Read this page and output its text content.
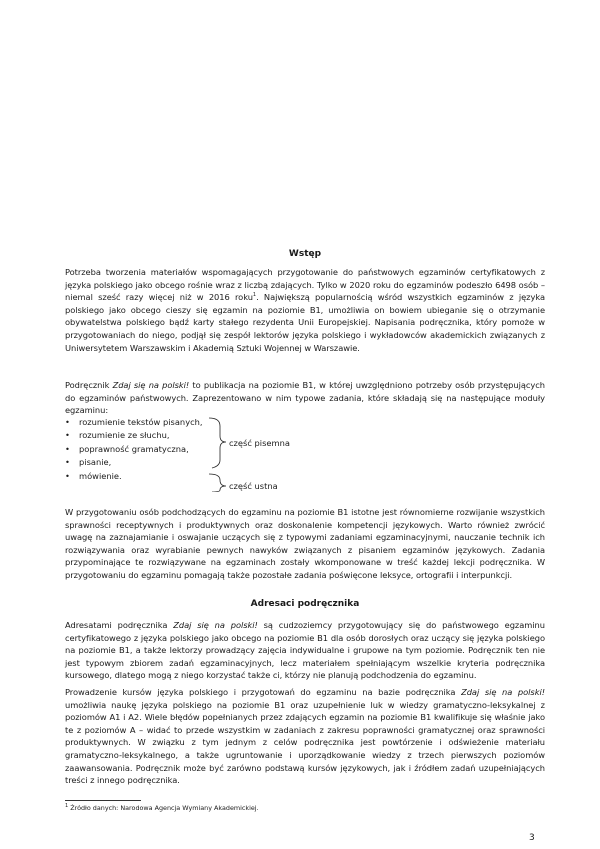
Wstęp

Potrzeba tworzenia materiałów wspomagających przygotowanie do państwowych egzaminów certyfikatowych z języka polskiego jako obcego rośnie wraz z liczbą zdających. Tylko w 2020 roku do egzaminów podeszło 6498 osób – niemal sześć razy więcej niż w 2016 roku$^1$. Największą popularnością wśród wszystkich egzaminów z języka polskiego jako obcego cieszy się egzamin na poziomie B1, umożliwia on bowiem ubieganie się o otrzymanie obywatelstwa polskiego bądź karty stałego rezydenta Unii Europejskiej. Napisania podręcznika, który pomoże w przygotowaniach do niego, podjął się zespół lektorów języka polskiego i wykładowców akademickich związanych z Uniwersytetem Warszawskim i Akademią Sztuki Wojennej w Warszawie.

Podręcznik Zdaj się na polski! to publikacja na poziomie B1, w której uwzględniono potrzeby osób przystępujących do egzaminów państwowych. Zaprezentowano w nim typowe zadania, które składają się na następujące moduły egzaminu:

• rozumienie tekstów pisanych,
• rozumienie ze słuchu,
• poprawność gramatyczna,
• pisanie,
• mówienie.
część pisemna
część ustna

W przygotowaniu osób podchodzących do egzaminu na poziomie B1 istotne jest równomierne rozwijanie wszystkich sprawności receptywnych i produktywnych oraz doskonalenie kompetencji językowych. Warto również zwrócić uwagę na zaznajamianie i oswajanie uczących się z typowymi zadaniami egzaminacyjnymi, nauczanie technik ich rozwiązywania oraz wyrabianie pewnych nawyków związanych z pisaniem egzaminów językowych. Zadania przypominające te rozwiązywane na egzaminach zostały wkomponowane w treść każdej lekcji podręcznika. W przygotowaniu do egzaminu pomagają także pozostałe zadania poświęcone leksyce, ortografii i interpunkcji.

Adresaci podręcznika

Adresatami podręcznika Zdaj się na polski! są cudzoziemcy przygotowujący się do państwowego egzaminu certyfikatowego z języka polskiego jako obcego na poziomie B1 dla osób dorosłych oraz uczący się języka polskiego na poziomie B1, a także lektorzy prowadzący zajęcia indywidualne i grupowe na tym poziomie. Podręcznik ten nie jest typowym zbiorem zadań egzaminacyjnych, lecz materiałem spełniającym wszelkie kryteria podręcznika kursowego, dlatego mogą z niego korzystać także ci, którzy nie planują podchodzenia do egzaminu.

Prowadzenie kursów języka polskiego i przygotowań do egzaminu na bazie podręcznika Zdaj się na polski! umożliwia naukę języka polskiego na poziomie B1 oraz uzupełnienie luk w wiedzy gramatyczno-leksykalnej z poziomów A1 i A2. Wiele błędów popełnianych przez zdających egzamin na poziomie B1 kwalifikuje się właśnie jako te z poziomów A – widać to przede wszystkim w zadaniach z zakresu poprawności gramatycznej oraz sprawności produktywnych. W związku z tym jednym z celów podręcznika jest powtórzenie i odświeżenie materiału gramatyczno-leksykalnego, a także ugruntowanie i uporządkowanie wiedzy z trzech pierwszych poziomów zaawansowania. Podręcznik może być zarówno podstawą kursów językowych, jak i źródłem zadań uzupełniających treści z innego podręcznika.

$^1$ Źródło danych: Narodowa Agencja Wymiany Akademickiej.
3
